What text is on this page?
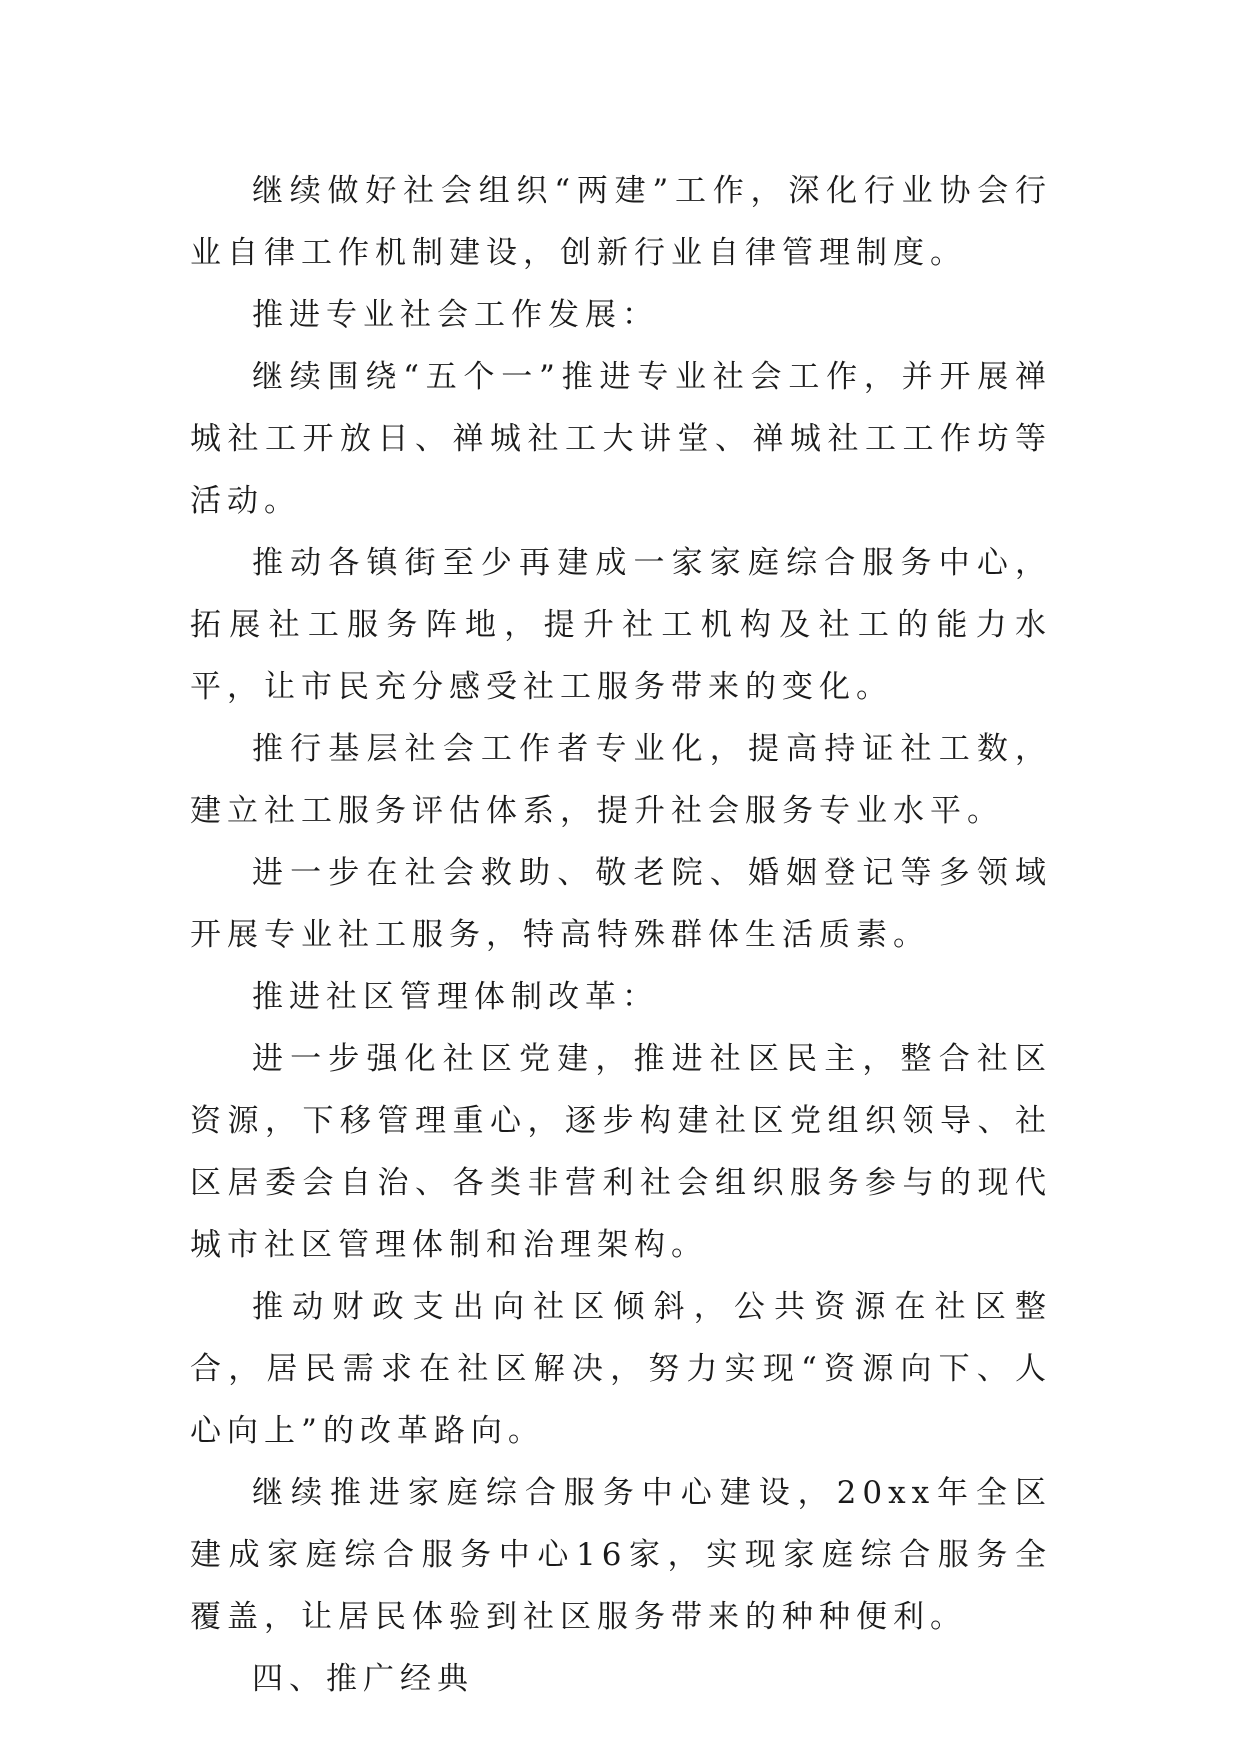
继续做好社会组织“两建”工作，深化行业协会行业自律工作机制建设，创新行业自律管理制度。

推进专业社会工作发展：

继续围绕“五个一”推进专业社会工作，并开展禅城社工开放日、禅城社工大讲堂、禅城社工工作坊等活动。

推动各镇街至少再建成一家家庭综合服务中心，拓展社工服务阵地，提升社工机构及社工的能力水平，让市民充分感受社工服务带来的变化。

推行基层社会工作者专业化，提高持证社工数，建立社工服务评估体系，提升社会服务专业水平。

进一步在社会救助、敬老院、婚姻登记等多领域开展专业社工服务，特高特殊群体生活质素。

推进社区管理体制改革：

进一步强化社区党建，推进社区民主，整合社区资源，下移管理重心，逐步构建社区党组织领导、社区居委会自治、各类非营利社会组织服务参与的现代城市社区管理体制和治理架构。

推动财政支出向社区倾斜，公共资源在社区整合，居民需求在社区解决，努力实现“资源向下、人心向上”的改革路向。

继续推进家庭综合服务中心建设，20xx年全区建成家庭综合服务中心16家，实现家庭综合服务全覆盖，让居民体验到社区服务带来的种种便利。

四、推广经典
